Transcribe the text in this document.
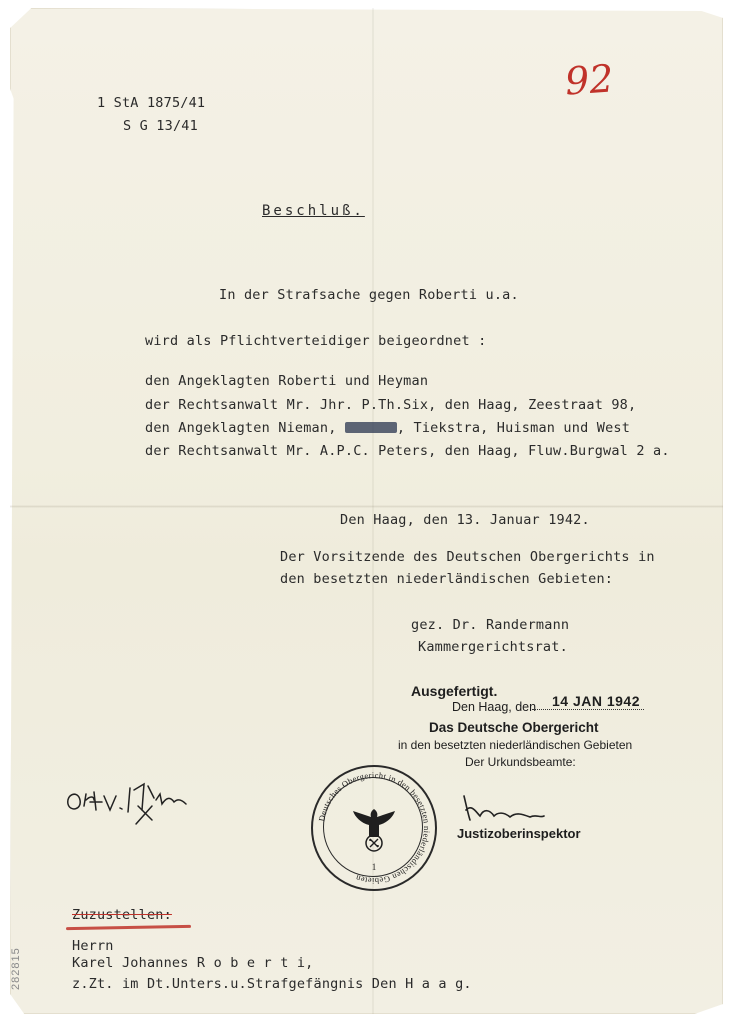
1 StA 1875/41
S G 13/41
92
Beschluß.
In der Strafsache gegen Roberti u.a.
wird als Pflichtverteidiger beigeordnet :
den Angeklagten Roberti und Heyman
der Rechtsanwalt Mr. Jhr. P.Th.Six, den Haag, Zeestraat 98,
den Angeklagten Nieman,	, Tiekstra, Huisman und West
der Rechtsanwalt Mr. A.P.C. Peters, den Haag, Fluw.Burgwal 2 a.
Den Haag, den 13. Januar 1942.
Der Vorsitzende des Deutschen Obergerichts in
den besetzten niederländischen Gebieten:
gez. Dr. Randermann
Kammergerichtsrat.
Ausgefertigt.
Den Haag, den	14 JAN 1942
Das Deutsche Obergericht
in den besetzten niederländischen Gebieten
Der Urkundsbeamte:
Justizoberinspektor
Deutsches Obergericht in den besetzten niederländischen Gebieten
1
Zuzustellen:
Herrn
Karel Johannes R o b e r t i,
z.Zt. im Dt.Unters.u.Strafgefängnis Den H a a g.
282815
